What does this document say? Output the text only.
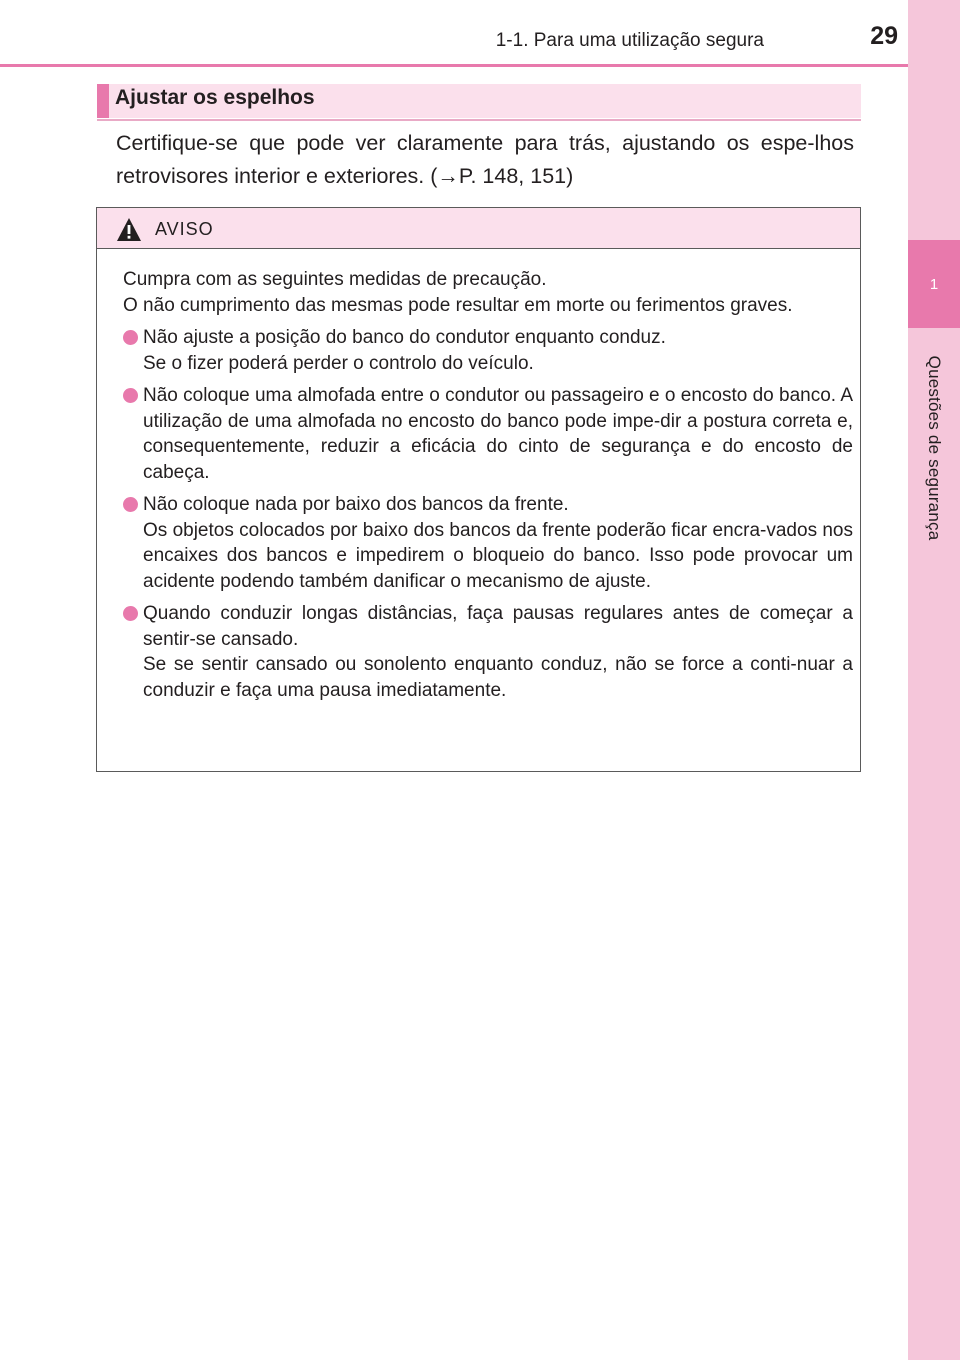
1
Questões de segurança
1-1. Para uma utilização segura	29
Ajustar os espelhos
Certifique-se que pode ver claramente para trás, ajustando os espe-lhos retrovisores interior e exteriores. (→P. 148, 151)
AVISO

Cumpra com as seguintes medidas de precaução.

O não cumprimento das mesmas pode resultar em morte ou ferimentos graves.

Não ajuste a posição do banco do condutor enquanto conduz.
Se o fizer poderá perder o controlo do veículo.
Não coloque uma almofada entre o condutor ou passageiro e o encosto do banco. A utilização de uma almofada no encosto do banco pode impe-dir a postura correta e, consequentemente, reduzir a eficácia do cinto de segurança e do encosto de cabeça.
Não coloque nada por baixo dos bancos da frente.
Os objetos colocados por baixo dos bancos da frente poderão ficar encra-vados nos encaixes dos bancos e impedirem o bloqueio do banco. Isso pode provocar um acidente podendo também danificar o mecanismo de ajuste.
Quando conduzir longas distâncias, faça pausas regulares antes de começar a sentir-se cansado.
Se se sentir cansado ou sonolento enquanto conduz, não se force a conti-nuar a conduzir e faça uma pausa imediatamente.
